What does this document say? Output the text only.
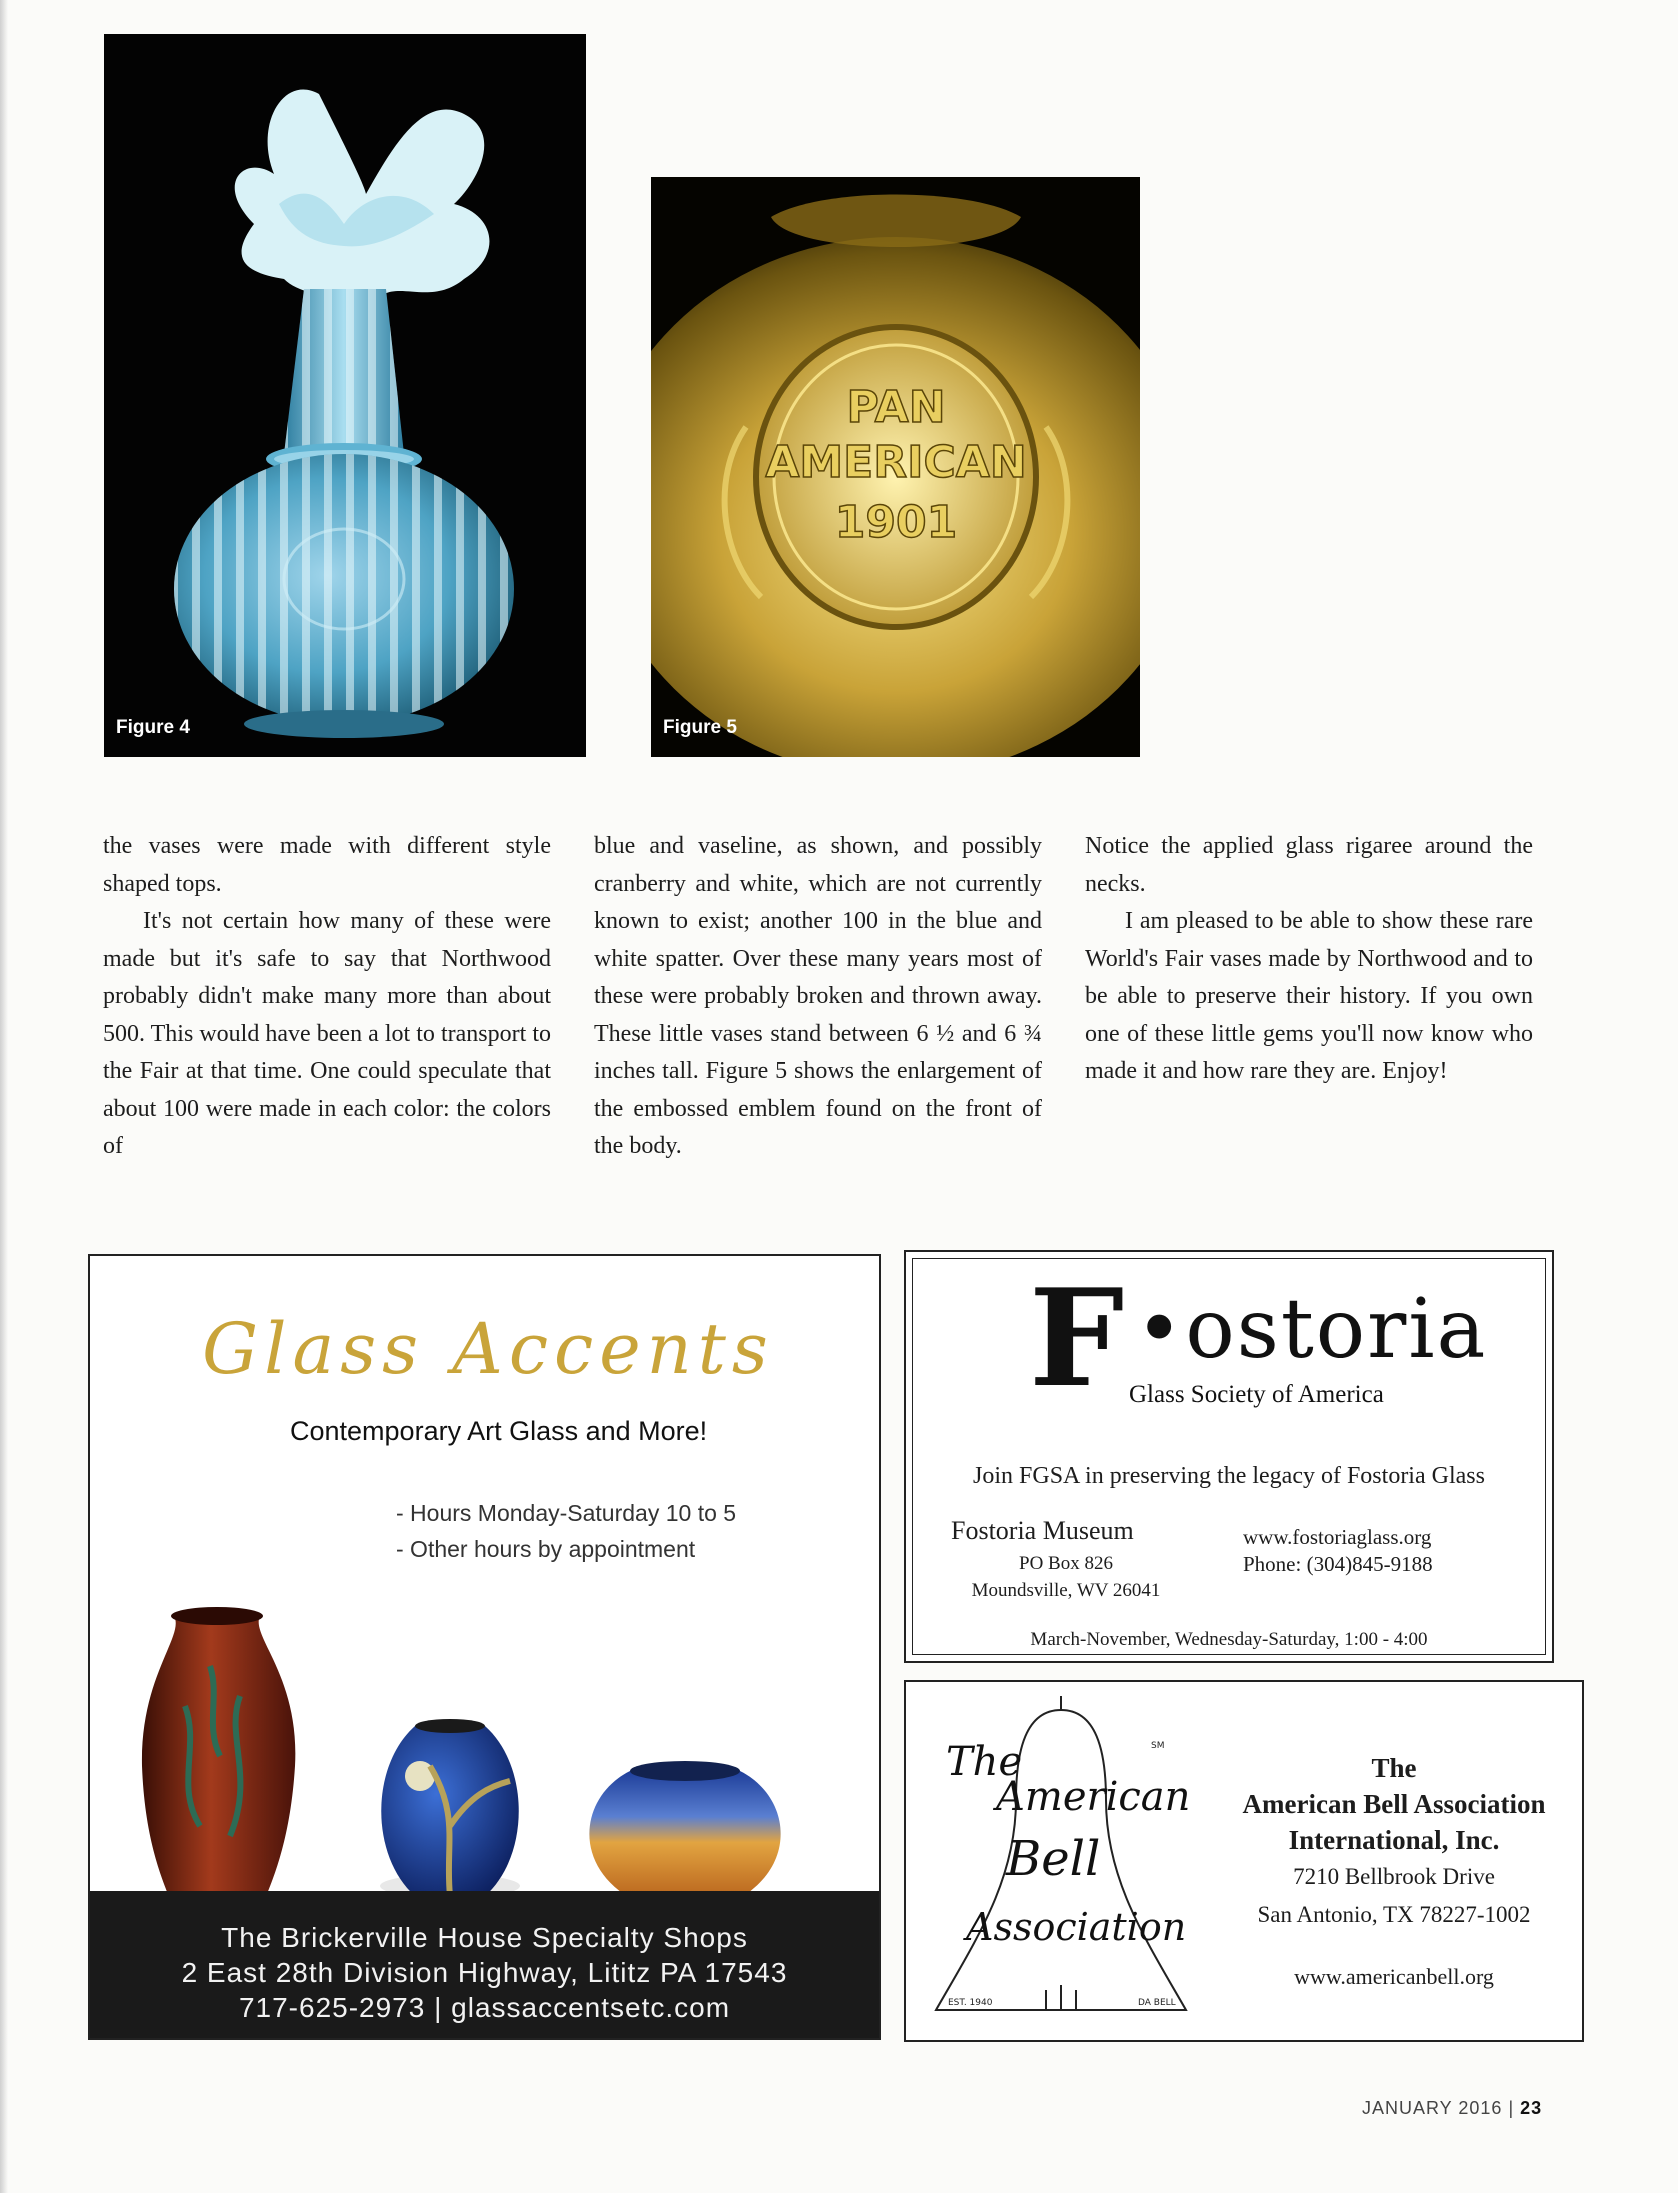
Figure 4
PAN
AMERICAN
1901
Figure 5

the vases were made with different style shaped tops.

It's not certain how many of these were made but it's safe to say that Northwood probably didn't make many more than about 500. This would have been a lot to transport to the Fair at that time. One could speculate that about 100 were made in each color: the colors of

blue and vaseline, as shown, and possibly cranberry and white, which are not currently known to exist; another 100 in the blue and white spatter. Over these many years most of these were probably broken and thrown away. These little vases stand between 6 ½ and 6 ¾ inches tall. Figure 5 shows the enlargement of the embossed emblem found on the front of the body.

Notice the applied glass rigaree around the necks.

I am pleased to be able to show these rare World's Fair vases made by Northwood and to be able to preserve their history. If you own one of these little gems you'll now know who made it and how rare they are. Enjoy!

Glass Accents
Contemporary Art Glass and More!
- Hours Monday-Saturday 10 to 5
- Other hours by appointment
The Brickerville House Specialty Shops
2 East 28th Division Highway, Lititz PA 17543
717-625-2973 | glassaccentsetc.com
F •ostoria
Glass Society of America
Join FGSA in preserving the legacy of Fostoria Glass
Fostoria Museum
PO Box 826
Moundsville, WV 26041
www.fostoriaglass.org
Phone: (304)845-9188
March-November, Wednesday-Saturday, 1:00 - 4:00
The
American
Bell
Association
SM
EST. 1940	DA BELL
The
American Bell Association
International, Inc.
7210 Bellbrook Drive
San Antonio, TX 78227-1002
www.americanbell.org
JANUARY 2016 | 23
